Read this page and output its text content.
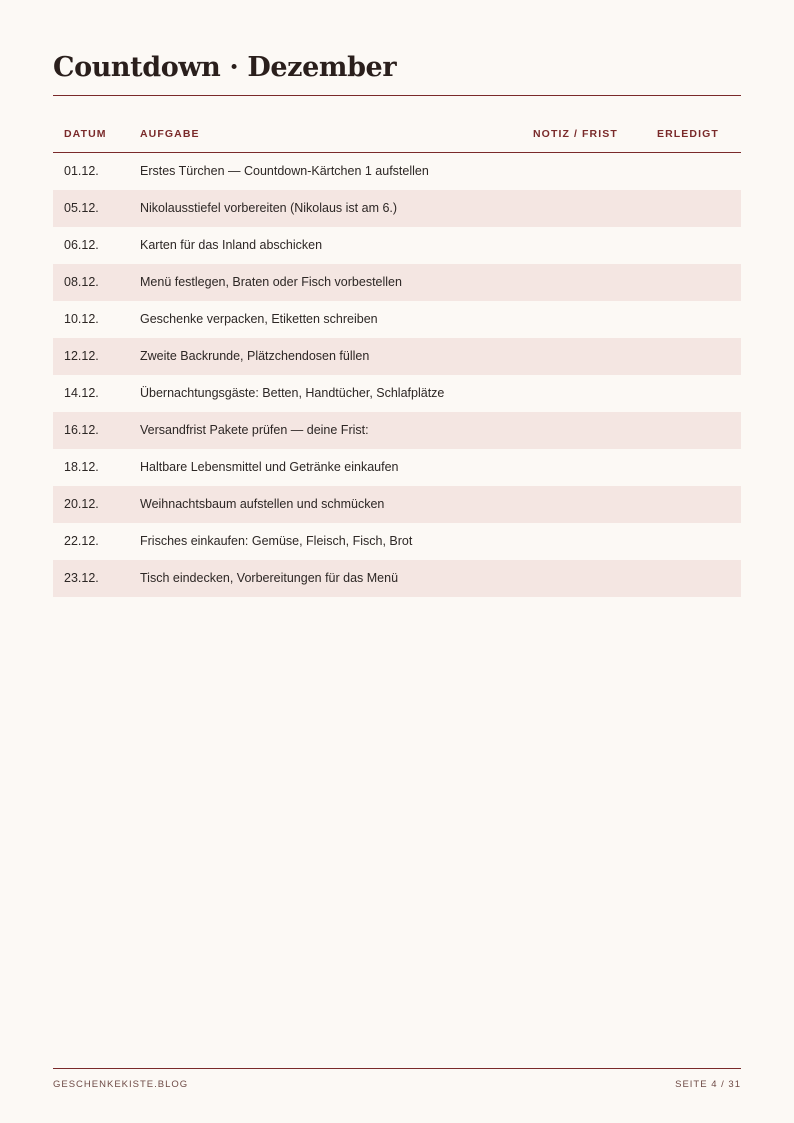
Countdown · Dezember
DATUM	AUFGABE	NOTIZ / FRIST	ERLEDIGT
01.12.	Erstes Türchen — Countdown-Kärtchen 1 aufstellen
05.12.	Nikolausstiefel vorbereiten (Nikolaus ist am 6.)
06.12.	Karten für das Inland abschicken
08.12.	Menü festlegen, Braten oder Fisch vorbestellen
10.12.	Geschenke verpacken, Etiketten schreiben
12.12.	Zweite Backrunde, Plätzchendosen füllen
14.12.	Übernachtungsgäste: Betten, Handtücher, Schlafplätze
16.12.	Versandfrist Pakete prüfen — deine Frist:
18.12.	Haltbare Lebensmittel und Getränke einkaufen
20.12.	Weihnachtsbaum aufstellen und schmücken
22.12.	Frisches einkaufen: Gemüse, Fleisch, Fisch, Brot
23.12.	Tisch eindecken, Vorbereitungen für das Menü
GESCHENKEKISTE.BLOG	SEITE 4 / 31
